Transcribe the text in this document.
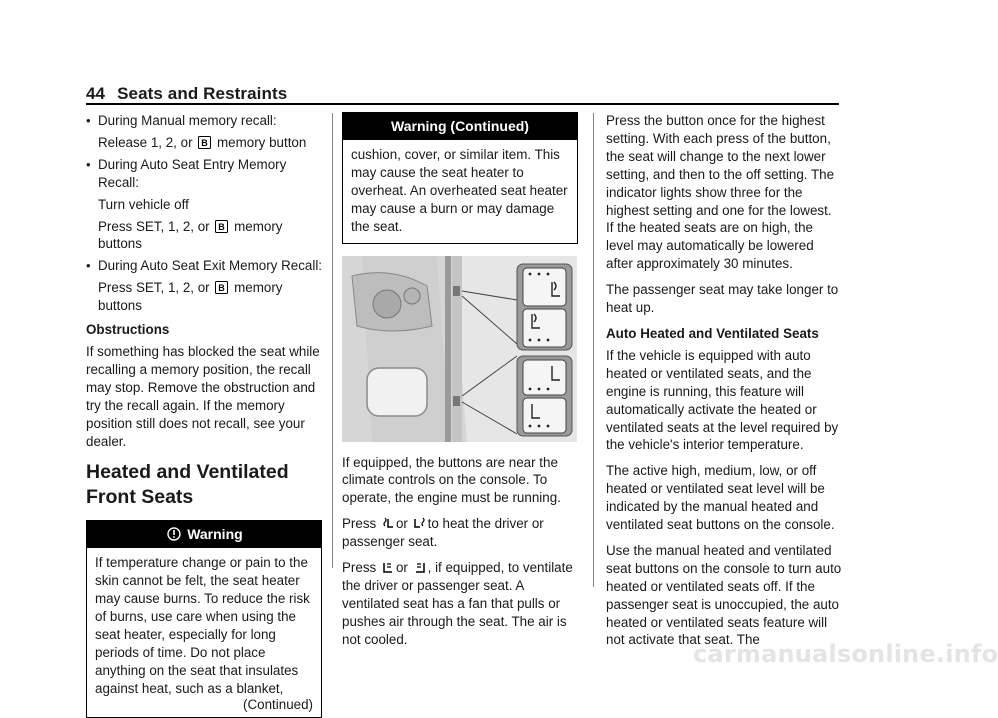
44 Seats and Restraints
• During Manual memory recall:
Release 1, 2, or B memory button
• During Auto Seat Entry Memory Recall:
Turn vehicle off
Press SET, 1, 2, or B memory buttons
• During Auto Seat Exit Memory Recall:
Press SET, 1, 2, or B memory buttons
Obstructions

If something has blocked the seat while recalling a memory position, the recall may stop. Remove the obstruction and try the recall again. If the memory position still does not recall, see your dealer.

Heated and Ventilated Front Seats
Warning
If temperature change or pain to the skin cannot be felt, the seat heater may cause burns. To reduce the risk of burns, use care when using the seat heater, especially for long periods of time. Do not place anything on the seat that insulates against heat, such as a blanket,
(Continued)
Warning (Continued)
cushion, cover, or similar item. This may cause the seat heater to overheat. An overheated seat heater may cause a burn or may damage the seat.

If equipped, the buttons are near the climate controls on the console. To operate, the engine must be running.

Press or to heat the driver or passenger seat.

Press or , if equipped, to ventilate the driver or passenger seat. A ventilated seat has a fan that pulls or pushes air through the seat. The air is not cooled.

Press the button once for the highest setting. With each press of the button, the seat will change to the next lower setting, and then to the off setting. The indicator lights show three for the highest setting and one for the lowest. If the heated seats are on high, the level may automatically be lowered after approximately 30 minutes.

The passenger seat may take longer to heat up.

Auto Heated and Ventilated Seats

If the vehicle is equipped with auto heated or ventilated seats, and the engine is running, this feature will automatically activate the heated or ventilated seats at the level required by the vehicle's interior temperature.

The active high, medium, low, or off heated or ventilated seat level will be indicated by the manual heated and ventilated seat buttons on the console.

Use the manual heated and ventilated seat buttons on the console to turn auto heated or ventilated seats off. If the passenger seat is unoccupied, the auto heated or ventilated seats feature will not activate that seat. The

carmanualsonline.info
